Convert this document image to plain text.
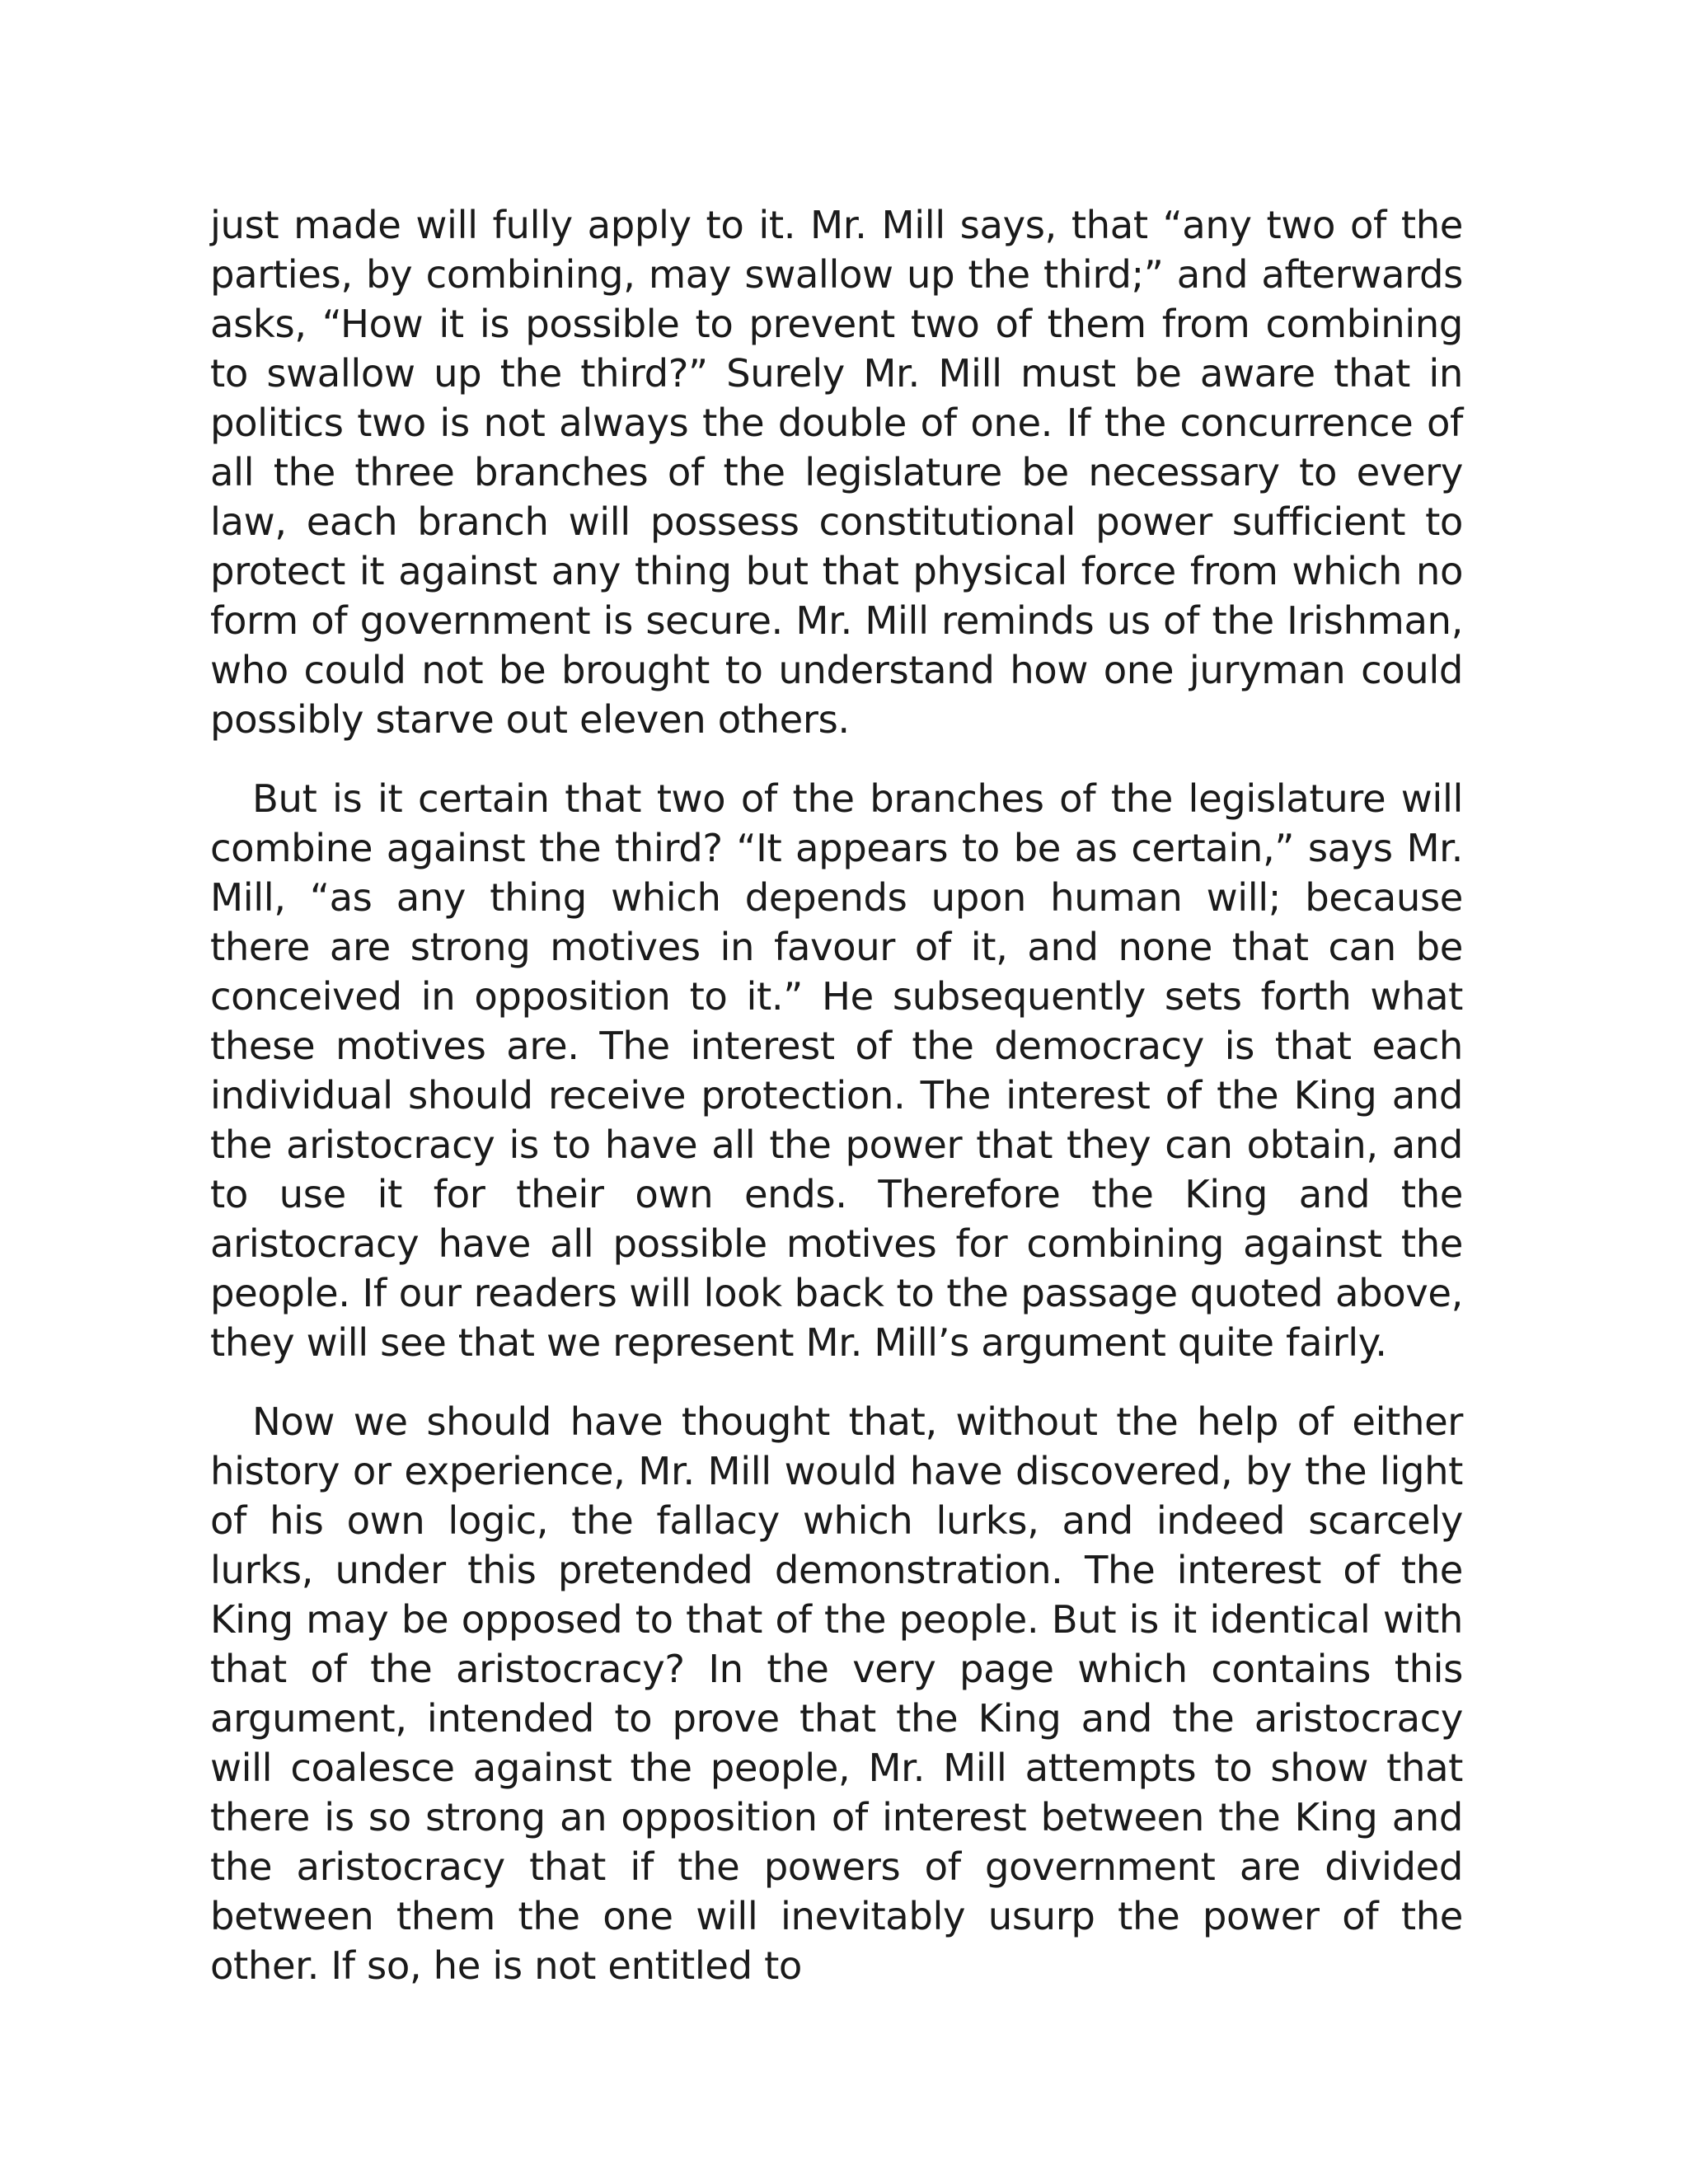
just made will fully apply to it. Mr. Mill says, that “any two of the parties, by combining, may swallow up the third;” and afterwards asks, “How it is possible to prevent two of them from combining to swallow up the third?” Surely Mr. Mill must be aware that in politics two is not always the double of one. If the concurrence of all the three branches of the legislature be necessary to every law, each branch will possess constitutional power sufficient to protect it against any thing but that physical force from which no form of government is secure. Mr. Mill reminds us of the Irishman, who could not be brought to understand how one juryman could possibly starve out eleven others.

But is it certain that two of the branches of the legislature will combine against the third? “It appears to be as certain,” says Mr. Mill, “as any thing which depends upon human will; because there are strong motives in favour of it, and none that can be conceived in opposition to it.” He subsequently sets forth what these motives are. The interest of the democracy is that each individual should receive protection. The interest of the King and the aristocracy is to have all the power that they can obtain, and to use it for their own ends. Therefore the King and the aristocracy have all possible motives for combining against the people. If our readers will look back to the passage quoted above, they will see that we represent Mr. Mill’s argument quite fairly.

Now we should have thought that, without the help of either history or experience, Mr. Mill would have discovered, by the light of his own logic, the fallacy which lurks, and indeed scarcely lurks, under this pretended demonstration. The interest of the King may be opposed to that of the people. But is it identical with that of the aristocracy? In the very page which contains this argument, intended to prove that the King and the aristocracy will coalesce against the people, Mr. Mill attempts to show that there is so strong an opposition of interest between the King and the aristocracy that if the powers of government are divided between them the one will inevitably usurp the power of the other. If so, he is not entitled to
